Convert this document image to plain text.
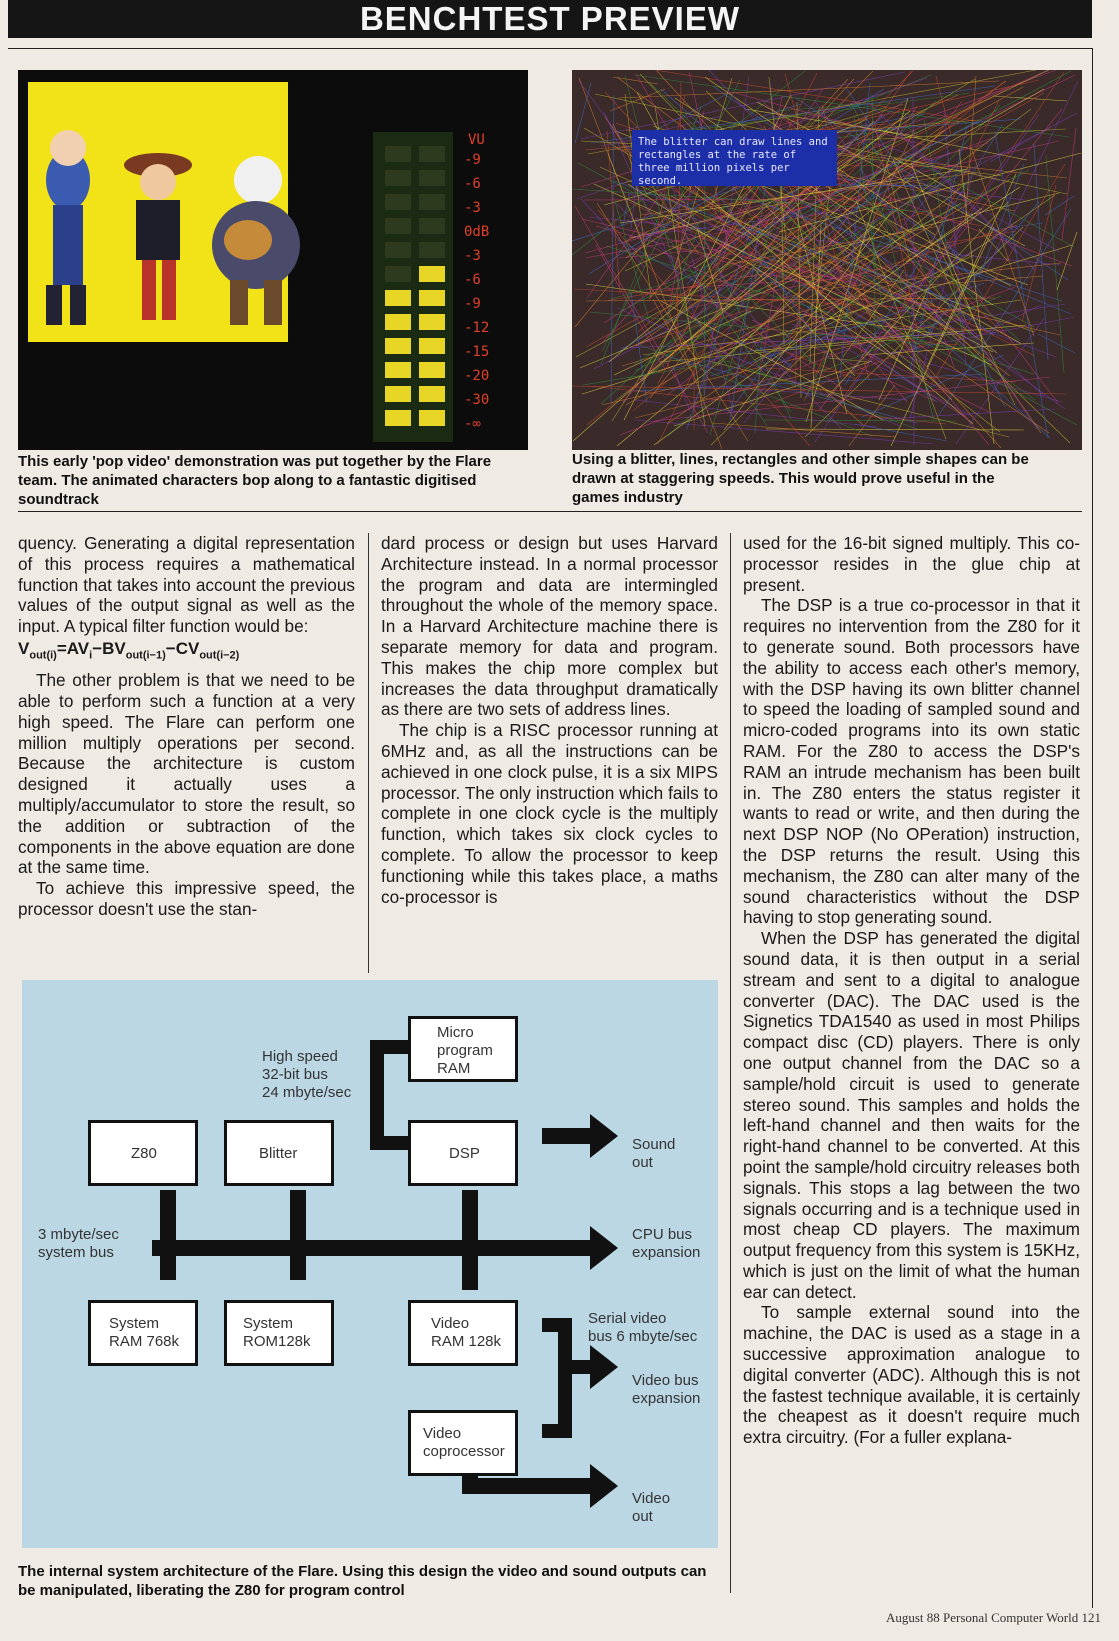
BENCHTEST PREVIEW
VU
-9
-6
-3
0dB
-3
-6
-9
-12
-15
-20
-30
-∞
The blitter can draw lines and
rectangles at the rate of
three million pixels per second.
This early 'pop video' demonstration was put together by the Flare team. The animated characters bop along to a fantastic digitised soundtrack
Using a blitter, lines, rectangles and other simple shapes can be drawn at staggering speeds. This would prove useful in the games industry

quency. Generating a digital representation of this process requires a mathematical function that takes into account the previous values of the output signal as well as the input. A typical filter function would be:

$V_{out(i)}=AV_i-BV_{out(i-1)}-CV_{out(i-2)}$

The other problem is that we need to be able to perform such a function at a very high speed. The Flare can perform one million multiply operations per second. Because the architecture is custom designed it actually uses a multiply/accumulator to store the result, so the addition or subtraction of the components in the above equation are done at the same time.

To achieve this impressive speed, the processor doesn't use the stan-

dard process or design but uses Harvard Architecture instead. In a normal processor the program and data are intermingled throughout the whole of the memory space. In a Harvard Architecture machine there is separate memory for data and program. This makes the chip more complex but increases the data throughput dramatically as there are two sets of address lines.

The chip is a RISC processor running at 6MHz and, as all the instructions can be achieved in one clock pulse, it is a six MIPS processor. The only instruction which fails to complete in one clock cycle is the multiply function, which takes six clock cycles to complete. To allow the processor to keep functioning while this takes place, a maths co-processor is

used for the 16-bit signed multiply. This co-processor resides in the glue chip at present.

The DSP is a true co-processor in that it requires no intervention from the Z80 for it to generate sound. Both processors have the ability to access each other's memory, with the DSP having its own blitter channel to speed the loading of sampled sound and micro-coded programs into its own static RAM. For the Z80 to access the DSP's RAM an intrude mechanism has been built in. The Z80 enters the status register it wants to read or write, and then during the next DSP NOP (No OPeration) instruction, the DSP returns the result. Using this mechanism, the Z80 can alter many of the sound characteristics without the DSP having to stop generating sound.

When the DSP has generated the digital sound data, it is then output in a serial stream and sent to a digital to analogue converter (DAC). The DAC used is the Signetics TDA1540 as used in most Philips compact disc (CD) players. There is only one output channel from the DAC so a sample/hold circuit is used to generate stereo sound. This samples and holds the left-hand channel and then waits for the right-hand channel to be converted. At this point the sample/hold circuitry releases both signals. This stops a lag between the two signals occurring and is a technique used in most cheap CD players. The maximum output frequency from this system is 15KHz, which is just on the limit of what the human ear can detect.

To sample external sound into the machine, the DAC is used as a stage in a successive approximation analogue to digital converter (ADC). Although this is not the fastest technique available, it is certainly the cheapest as it doesn't require much extra circuitry. (For a fuller explana-

Micro
program
RAM
High speed
32-bit bus
24 mbyte/sec
Z80	Blitter	DSP
Sound
out
3 mbyte/sec
system bus
CPU bus
expansion
System
RAM 768k
System
ROM128k
Video
RAM 128k
Serial video
bus 6 mbyte/sec
Video bus
expansion
Video
coprocessor
Video
out
The internal system architecture of the Flare. Using this design the video and sound outputs can be manipulated, liberating the Z80 for program control
August 88 Personal Computer World 121
